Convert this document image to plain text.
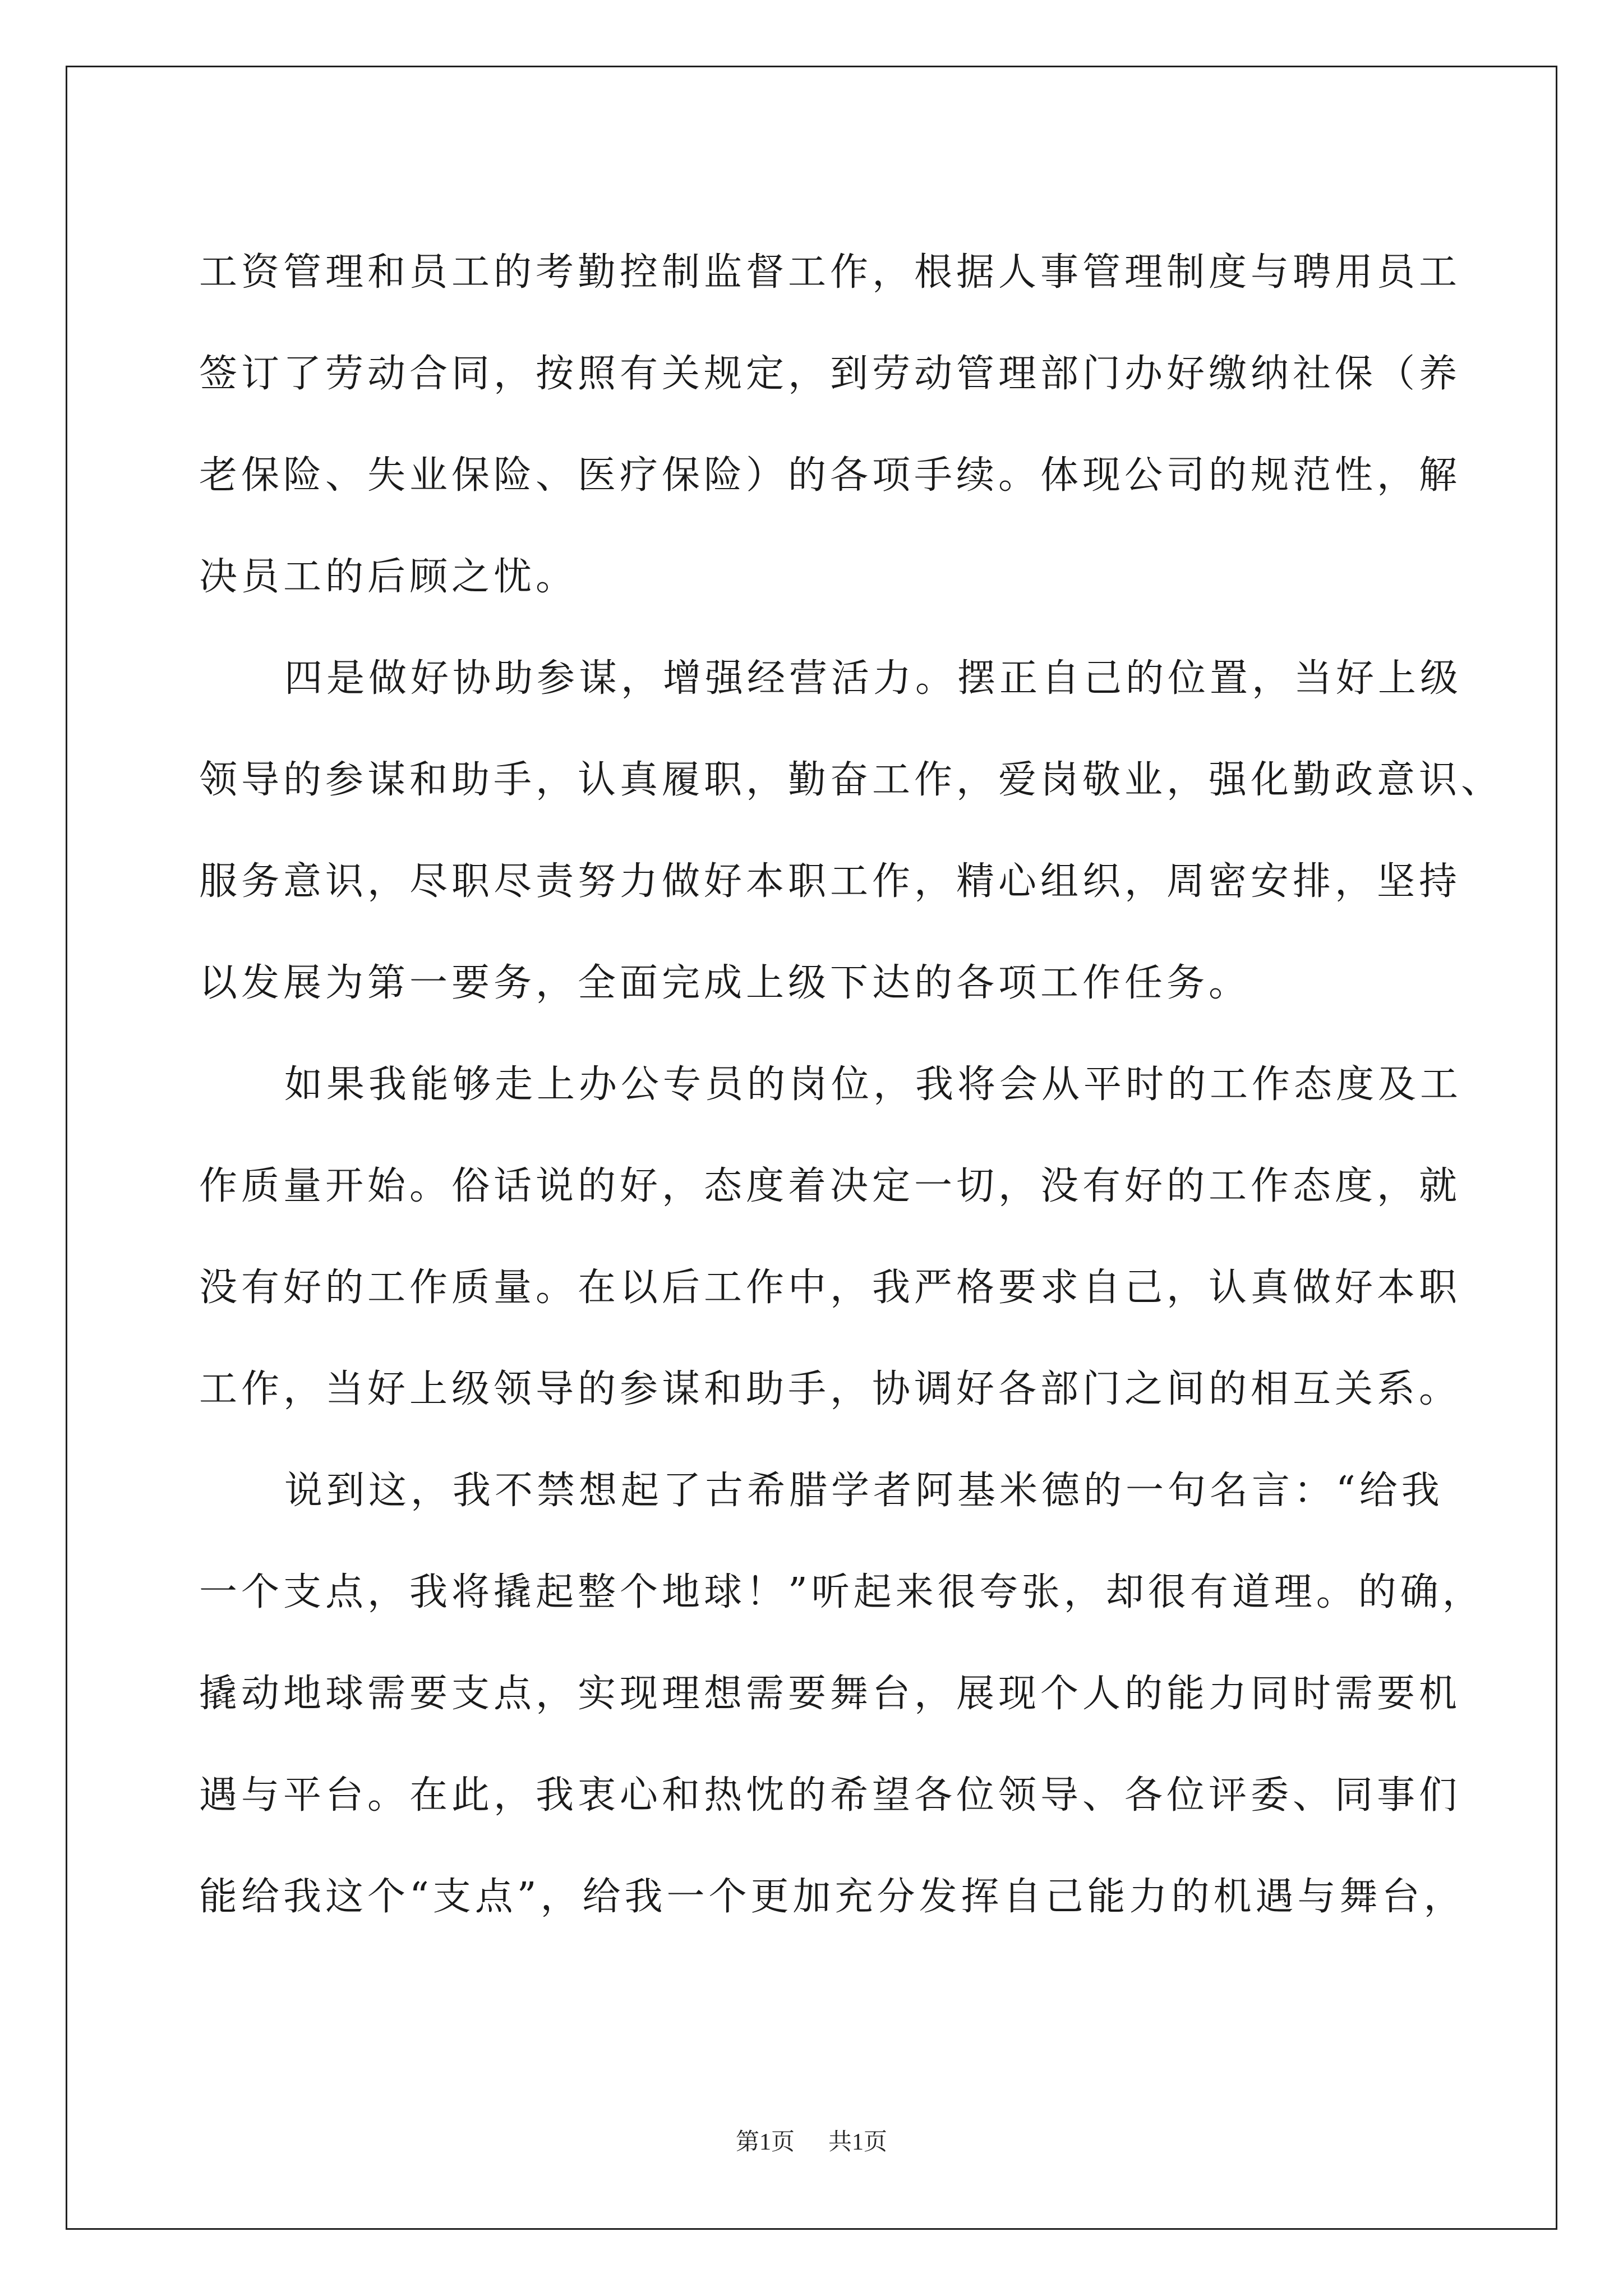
工资管理和员工的考勤控制监督工作，根据人事管理制度与聘用员工
签订了劳动合同，按照有关规定，到劳动管理部门办好缴纳社保（养
老保险、失业保险、医疗保险）的各项手续。体现公司的规范性，解
决员工的后顾之忧。
四是做好协助参谋，增强经营活力。摆正自己的位置，当好上级
领导的参谋和助手，认真履职，勤奋工作，爱岗敬业，强化勤政意识、
服务意识，尽职尽责努力做好本职工作，精心组织，周密安排，坚持
以发展为第一要务，全面完成上级下达的各项工作任务。
如果我能够走上办公专员的岗位，我将会从平时的工作态度及工
作质量开始。俗话说的好，态度着决定一切，没有好的工作态度，就
没有好的工作质量。在以后工作中，我严格要求自己，认真做好本职
工作，当好上级领导的参谋和助手，协调好各部门之间的相互关系。
说到这，我不禁想起了古希腊学者阿基米德的一句名言：“给我
一个支点，我将撬起整个地球！”听起来很夸张，却很有道理。的确，
撬动地球需要支点，实现理想需要舞台，展现个人的能力同时需要机
遇与平台。在此，我衷心和热忱的希望各位领导、各位评委、同事们
能给我这个“支点”，给我一个更加充分发挥自己能力的机遇与舞台，
第1页 共1页
